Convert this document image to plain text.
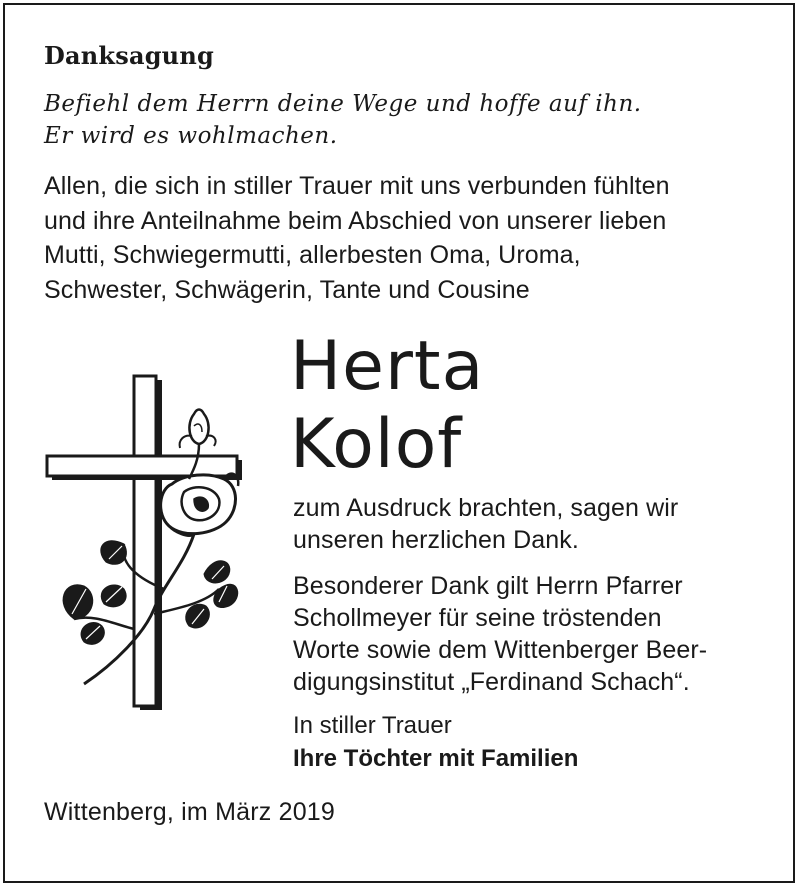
Danksagung
Befiehl dem Herrn deine Wege und hoffe auf ihn.
Er wird es wohlmachen.
Allen, die sich in stiller Trauer mit uns verbunden fühlten
und ihre Anteilnahme beim Abschied von unserer lieben
Mutti, Schwiegermutti, allerbesten Oma, Uroma,
Schwester, Schwägerin, Tante und Cousine
Herta
Kolof
zum Ausdruck brachten, sagen wir
unseren herzlichen Dank.
Besonderer Dank gilt Herrn Pfarrer
Schollmeyer für seine tröstenden
Worte sowie dem Wittenberger Beer-
digungsinstitut „Ferdinand Schach“.
In stiller Trauer
Ihre Töchter mit Familien
Wittenberg, im März 2019
